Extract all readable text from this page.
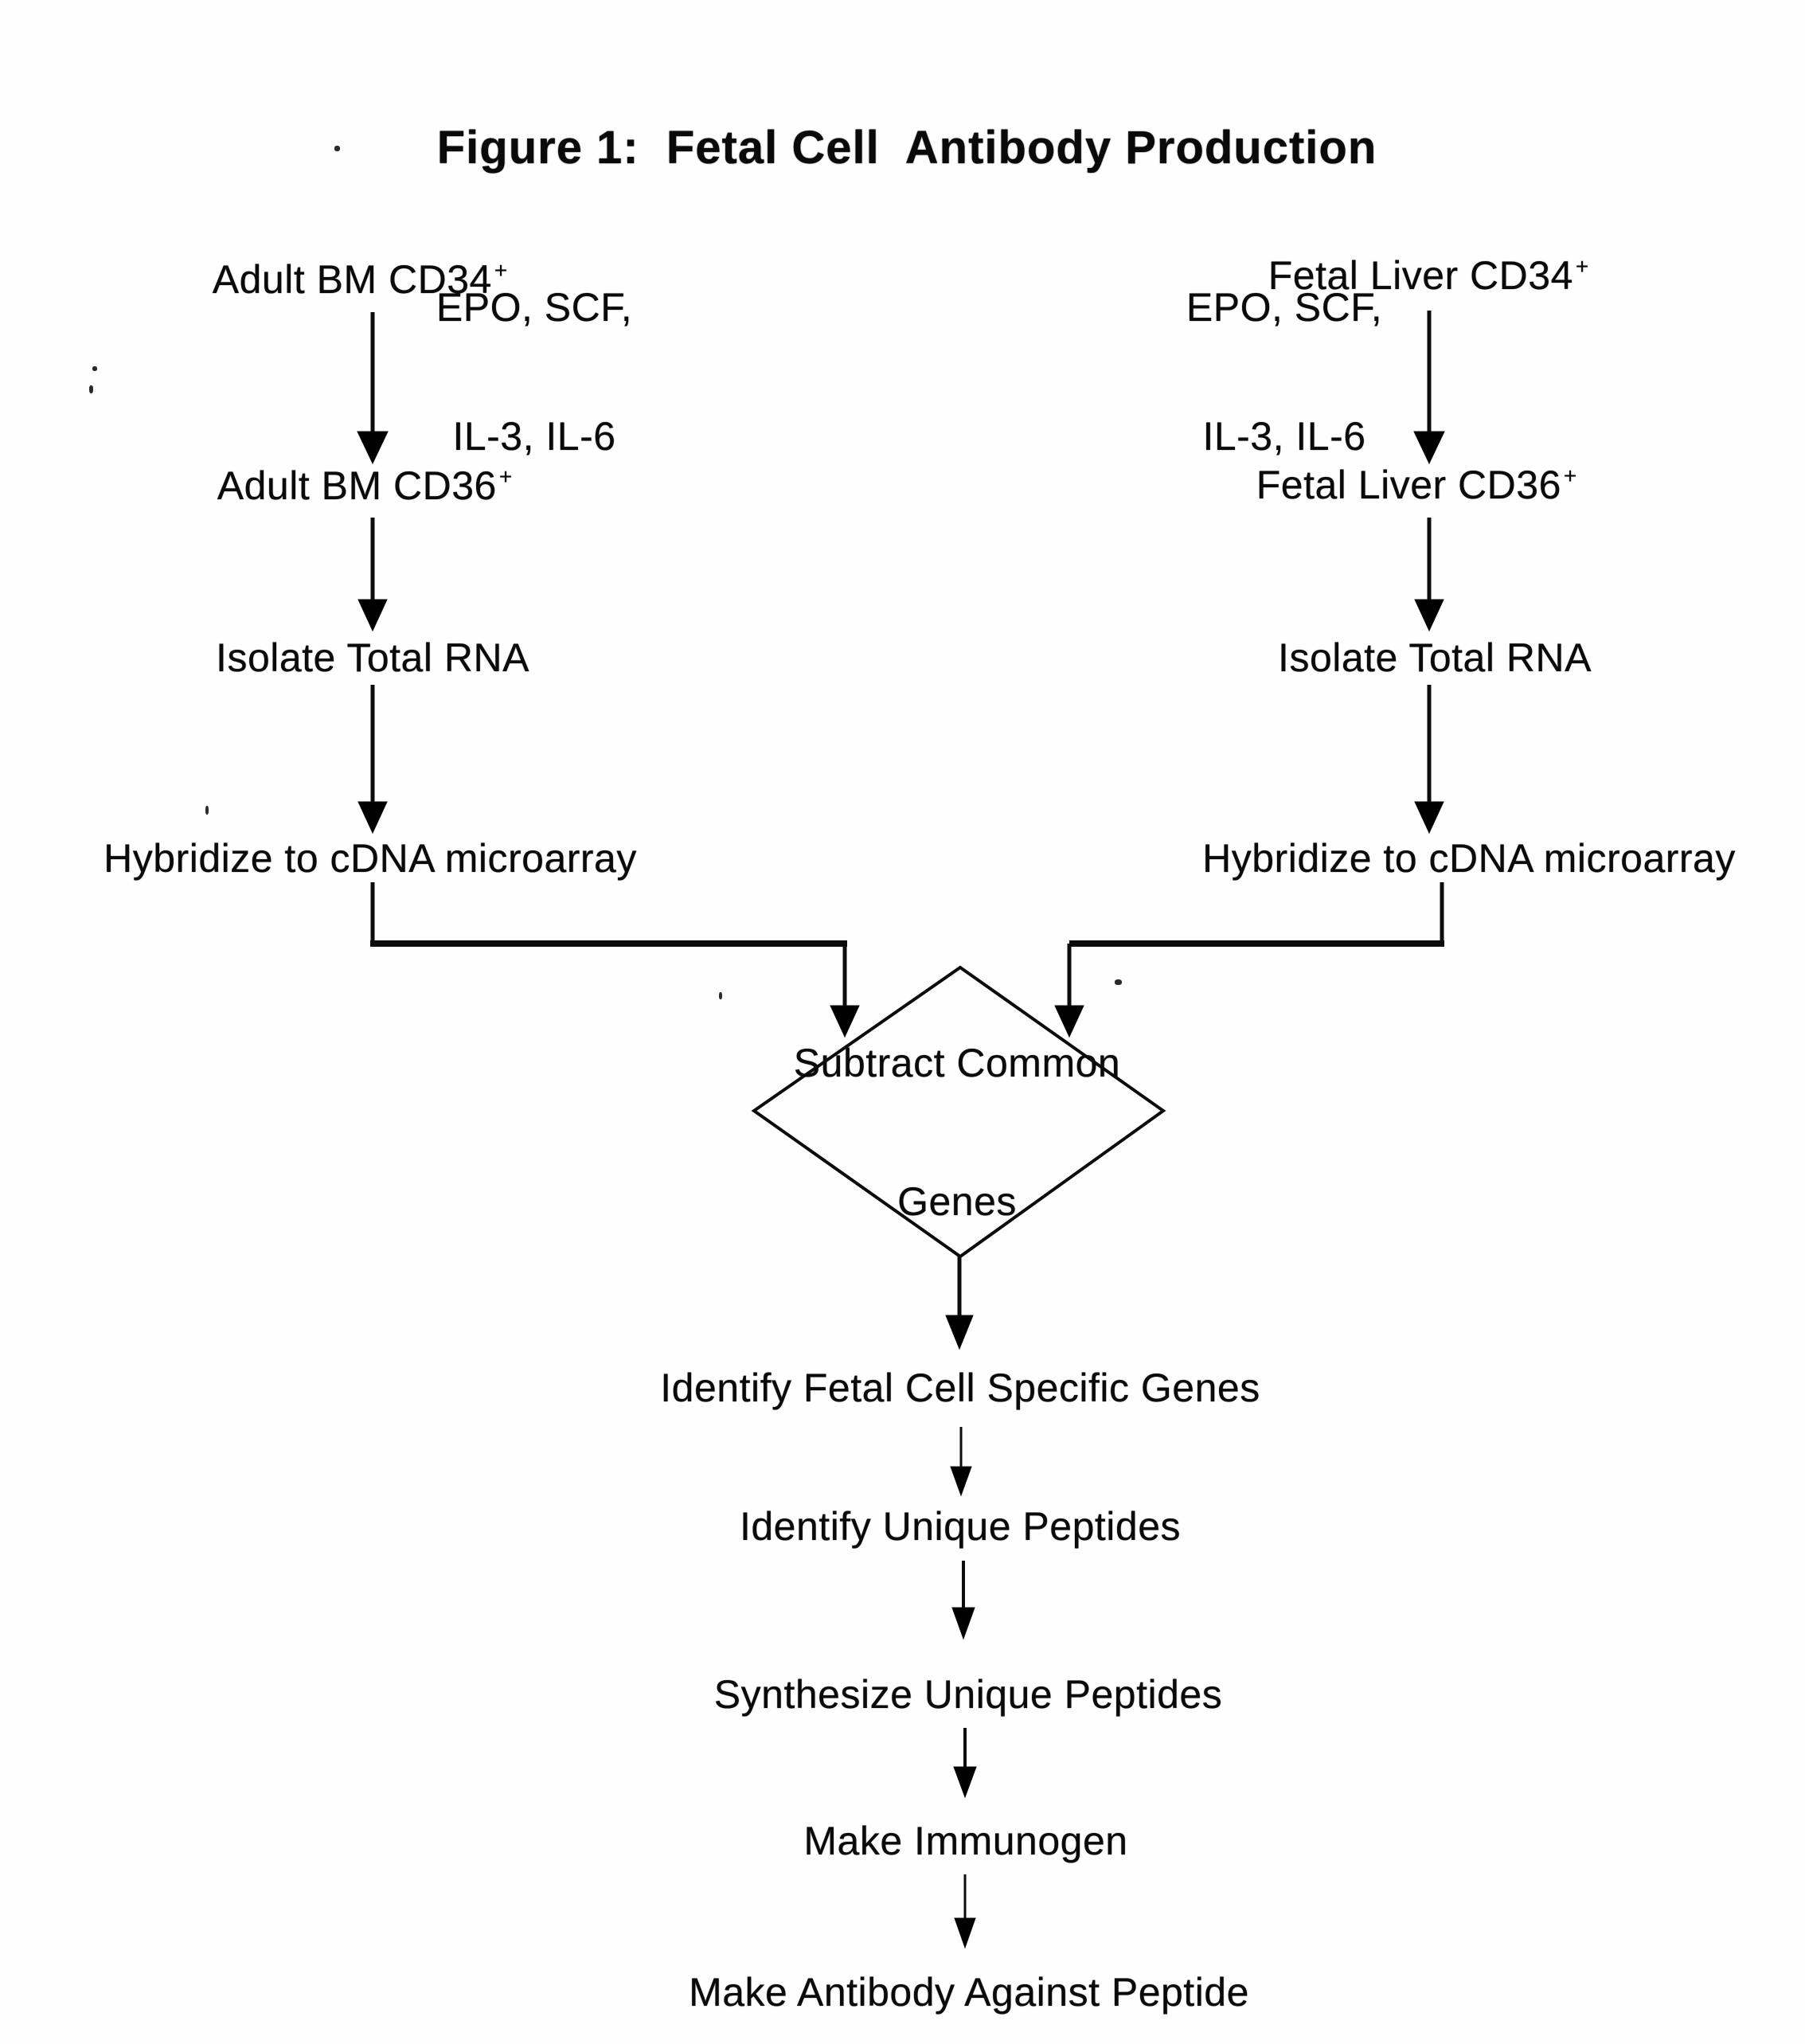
Figure 1:  Fetal Cell  Antibody Production
Adult BM CD34 +

EPO, SCF,

IL-3, IL-6

Adult BM CD36 +
Isolate Total RNA
Hybridize to cDNA microarray
Fetal Liver CD34 +

EPO, SCF,

IL-3, IL-6

Fetal Liver CD36 +
Isolate Total RNA
Hybridize to cDNA microarray

Subtract Common

Genes

Identify Fetal Cell Specific Genes
Identify Unique Peptides
Synthesize Unique Peptides
Make Immunogen
Make Antibody Against Peptide
